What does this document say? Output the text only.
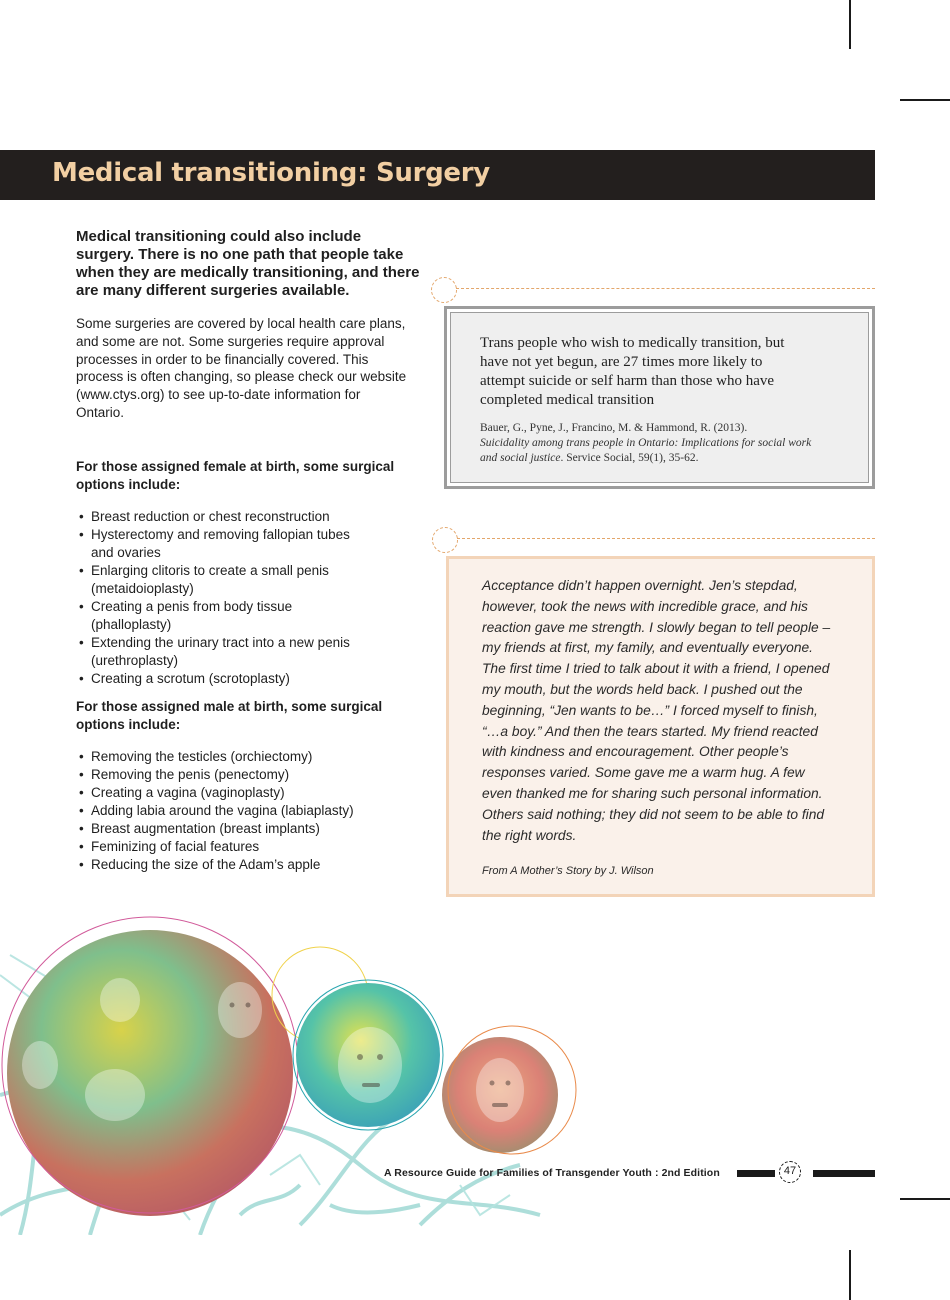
Medical transitioning: Surgery

Medical transitioning could also include surgery. There is no one path that people take when they are medically transitioning, and there are many different surgeries available.

Some surgeries are covered by local health care plans, and some are not. Some surgeries require approval processes in order to be financially covered. This process is often changing, so please check our website (www.ctys.org) to see up-to-date information for Ontario.

For those assigned female at birth, some surgical options include:

• Breast reduction or chest reconstruction
• Hysterectomy and removing fallopian tubes and ovaries
• Enlarging clitoris to create a small penis (metaidoioplasty)
• Creating a penis from body tissue (phalloplasty)
• Extending the urinary tract into a new penis (urethroplasty)
• Creating a scrotum (scrotoplasty)

For those assigned male at birth, some surgical options include:

• Removing the testicles (orchiectomy)
• Removing the penis (penectomy)
• Creating a vagina (vaginoplasty)
• Adding labia around the vagina (labiaplasty)
• Breast augmentation (breast implants)
• Feminizing of facial features
• Reducing the size of the Adam’s apple
Trans people who wish to medically transition, but have not yet begun, are 27 times more likely to attempt suicide or self harm than those who have completed medical transition
Bauer, G., Pyne, J., Francino, M. & Hammond, R. (2013).
Suicidality among trans people in Ontario: Implications for social work and social justice. Service Social, 59(1), 35-62.
Acceptance didn’t happen overnight. Jen’s stepdad, however, took the news with incredible grace, and his reaction gave me strength. I slowly began to tell people – my friends at first, my family, and eventually everyone. The first time I tried to talk about it with a friend, I opened my mouth, but the words held back. I pushed out the beginning, “Jen wants to be…” I forced myself to finish, “…a boy.” And then the tears started. My friend reacted with kindness and encouragement. Other people’s responses varied. Some gave me a warm hug. A few even thanked me for sharing such personal information. Others said nothing; they did not seem to be able to find the right words.
From A Mother’s Story by J. Wilson
A Resource Guide for Families of Transgender Youth : 2nd Edition	47
